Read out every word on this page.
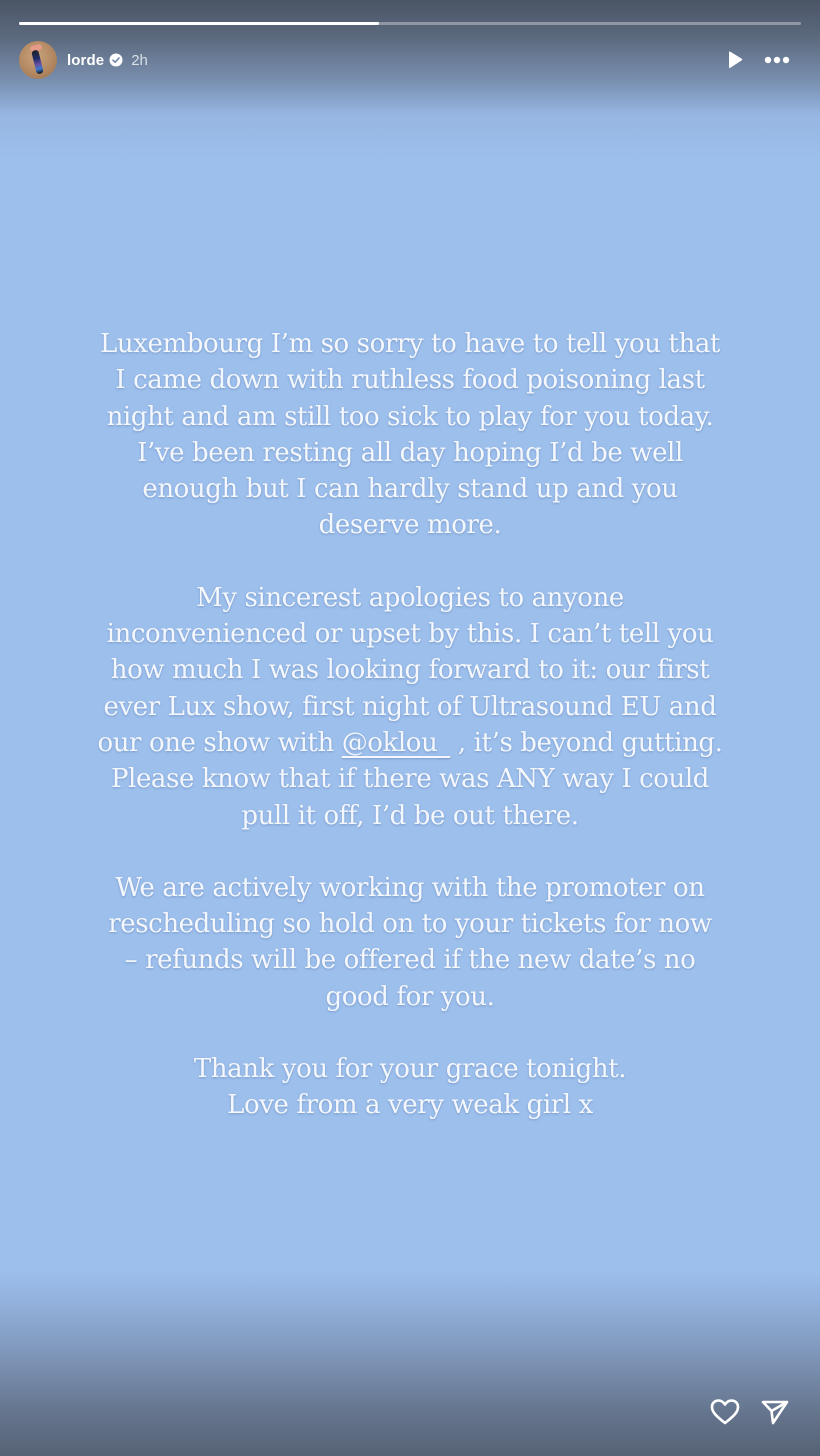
lorde 2h

Luxembourg I’m so sorry to have to tell you that
I came down with ruthless food poisoning last
night and am still too sick to play for you today.
I’ve been resting all day hoping I’d be well
enough but I can hardly stand up and you
deserve more.

My sincerest apologies to anyone
inconvenienced or upset by this. I can’t tell you
how much I was looking forward to it: our first
ever Lux show, first night of Ultrasound EU and
our one show with @oklou_ , it’s beyond gutting.
Please know that if there was ANY way I could
pull it off, I’d be out there.

We are actively working with the promoter on
rescheduling so hold on to your tickets for now
– refunds will be offered if the new date’s no
good for you.

Thank you for your grace tonight.
Love from a very weak girl x
